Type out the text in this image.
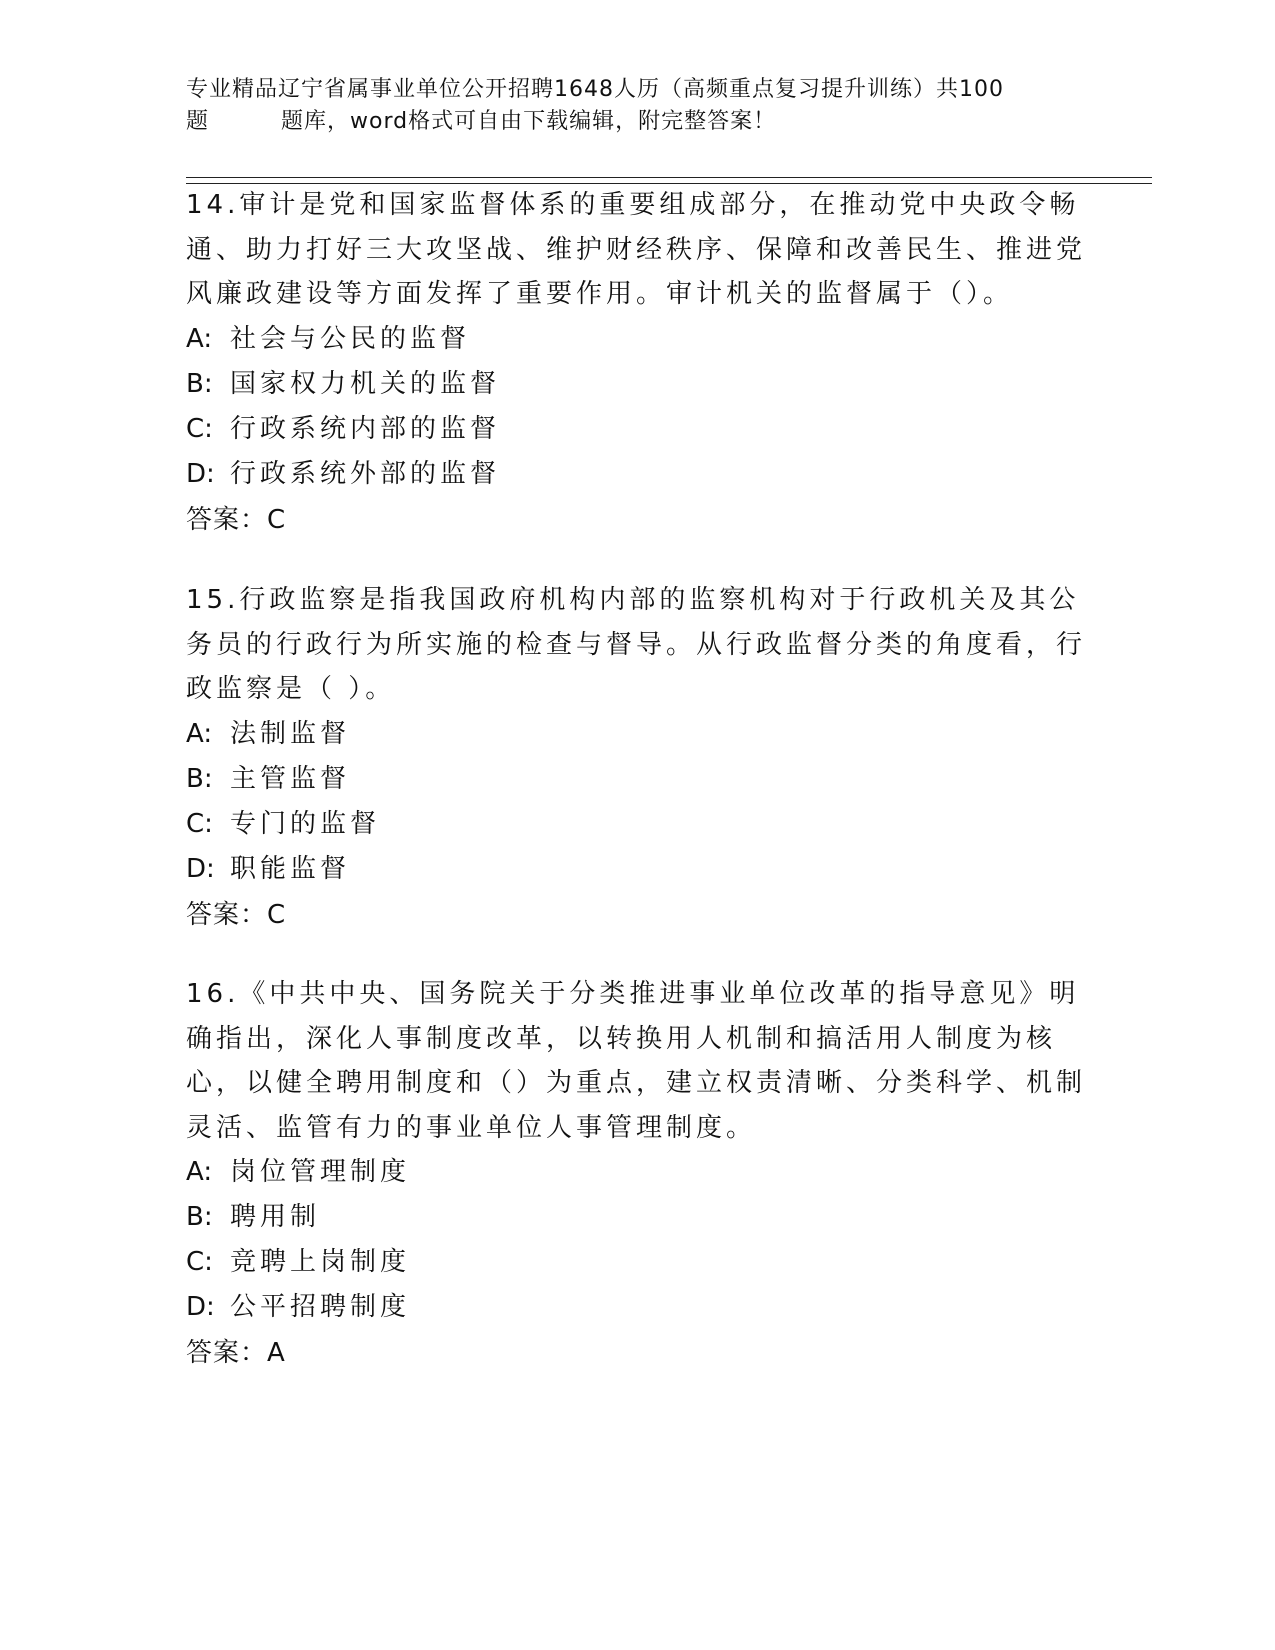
专业精品辽宁省属事业单位公开招聘1648人历（高频重点复习提升训练）共100
题	题库，word格式可自由下载编辑，附完整答案！

14.审计是党和国家监督体系的重要组成部分，在推动党中央政令畅通、助力打好三大攻坚战、维护财经秩序、保障和改善民生、推进党风廉政建设等方面发挥了重要作用。审计机关的监督属于（）。

A: 社会与公民的监督
B: 国家权力机关的监督
C: 行政系统内部的监督
D: 行政系统外部的监督
答案：C

15.行政监察是指我国政府机构内部的监察机构对于行政机关及其公务员的行政行为所实施的检查与督导。从行政监督分类的角度看，行政监察是（ ）。

A: 法制监督
B: 主管监督
C: 专门的监督
D: 职能监督
答案：C

16.《中共中央、国务院关于分类推进事业单位改革的指导意见》明确指出，深化人事制度改革，以转换用人机制和搞活用人制度为核心，以健全聘用制度和（）为重点，建立权责清晰、分类科学、机制灵活、监管有力的事业单位人事管理制度。

A: 岗位管理制度
B: 聘用制
C: 竞聘上岗制度
D: 公平招聘制度
答案：A
